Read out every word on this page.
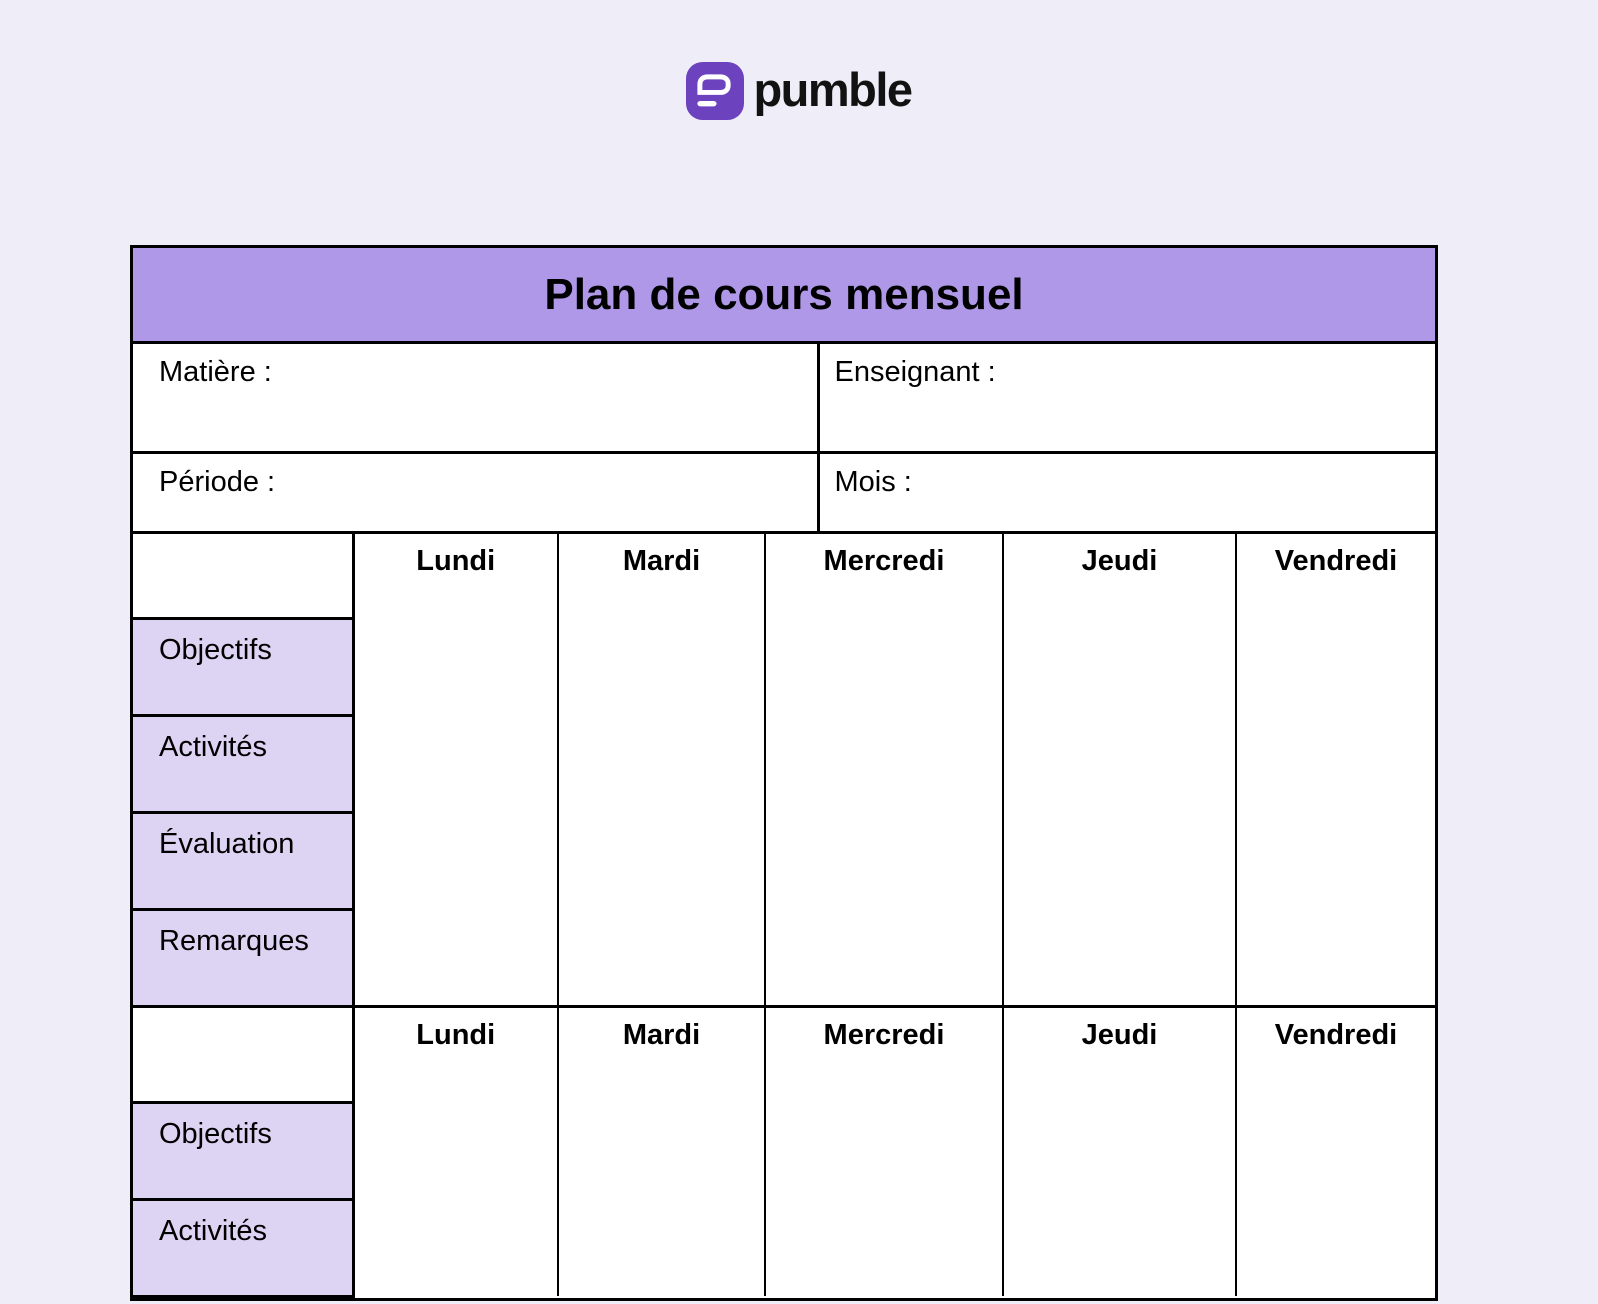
pumble
Plan de cours mensuel
Matière :	Enseignant :
Période :	Mois :
	Lundi	Mardi	Mercredi	Jeudi	Vendredi
Objectifs
Activités
Évaluation
Remarques
	Lundi	Mardi	Mercredi	Jeudi	Vendredi
Objectifs
Activités
